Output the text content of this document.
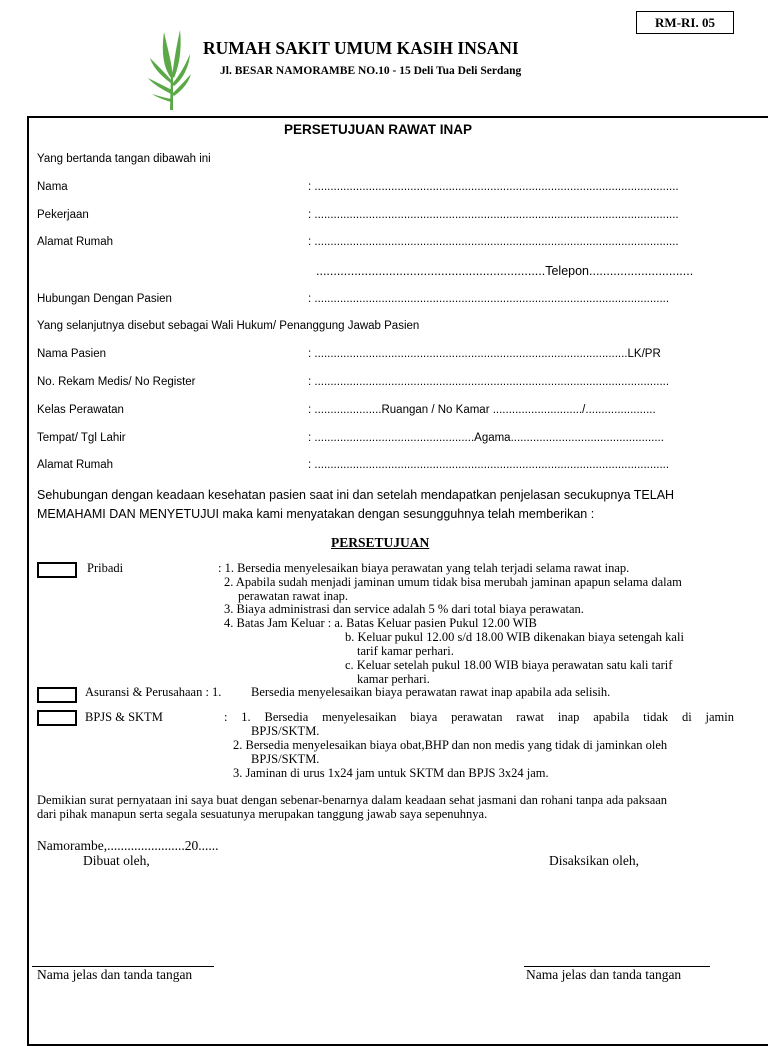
RM-RI. 05
RUMAH SAKIT UMUM KASIH INSANI
Jl. BESAR NAMORAMBE NO.10 - 15 Deli Tua Deli Serdang
PERSETUJUAN RAWAT INAP
Yang bertanda tangan dibawah ini
Nama	: ..................................................................................................................
Pekerjaan	: ..................................................................................................................
Alamat Rumah	: ..................................................................................................................
..................................................................Telepon..............................
Hubungan Dengan Pasien	: ...............................................................................................................
Yang selanjutnya disebut sebagai Wali Hukum/ Penanggung Jawab Pasien
Nama Pasien	: ..................................................................................................LK/PR
No. Rekam Medis/ No Register	: ...............................................................................................................
Kelas Perawatan	: .....................Ruangan / No Kamar ............................/......................
Tempat/ Tgl Lahir	: ..................................................Agama................................................
Alamat Rumah	: ...............................................................................................................
Sehubungan dengan keadaan kesehatan pasien saat ini dan setelah mendapatkan penjelasan secukupnya TELAH
MEMAHAMI DAN MENYETUJUI maka kami menyatakan dengan sesungguhnya telah memberikan :
PERSETUJUAN
Pribadi	: 1. Bersedia menyelesaikan biaya perawatan yang telah terjadi selama rawat inap.
2. Apabila sudah menjadi jaminan umum tidak bisa merubah jaminan apapun selama dalam
perawatan rawat inap.
3. Biaya administrasi dan service adalah 5 % dari total biaya perawatan.
4. Batas Jam Keluar : a. Batas Keluar pasien Pukul 12.00 WIB
b. Keluar pukul 12.00 s/d 18.00 WIB dikenakan biaya setengah kali
tarif kamar perhari.
c. Keluar setelah pukul 18.00 WIB biaya perawatan satu kali tarif
kamar perhari.
Asuransi & Perusahaan : 1. Bersedia menyelesaikan biaya perawatan rawat inap apabila ada selisih.
BPJS & SKTM	: 1. Bersedia menyelesaikan biaya perawatan rawat inap apabila tidak di jamin
BPJS/SKTM.
2. Bersedia menyelesaikan biaya obat,BHP dan non medis yang tidak di jaminkan oleh
BPJS/SKTM.
3. Jaminan di urus 1x24 jam untuk SKTM dan BPJS 3x24 jam.
Demikian surat pernyataan ini saya buat dengan sebenar-benarnya dalam keadaan sehat jasmani dan rohani tanpa ada paksaan
dari pihak manapun serta segala sesuatunya merupakan tanggung jawab saya sepenuhnya.
Namorambe,.......................20......
Dibuat oleh,	Disaksikan oleh,
Nama jelas dan tanda tangan	Nama jelas dan tanda tangan
